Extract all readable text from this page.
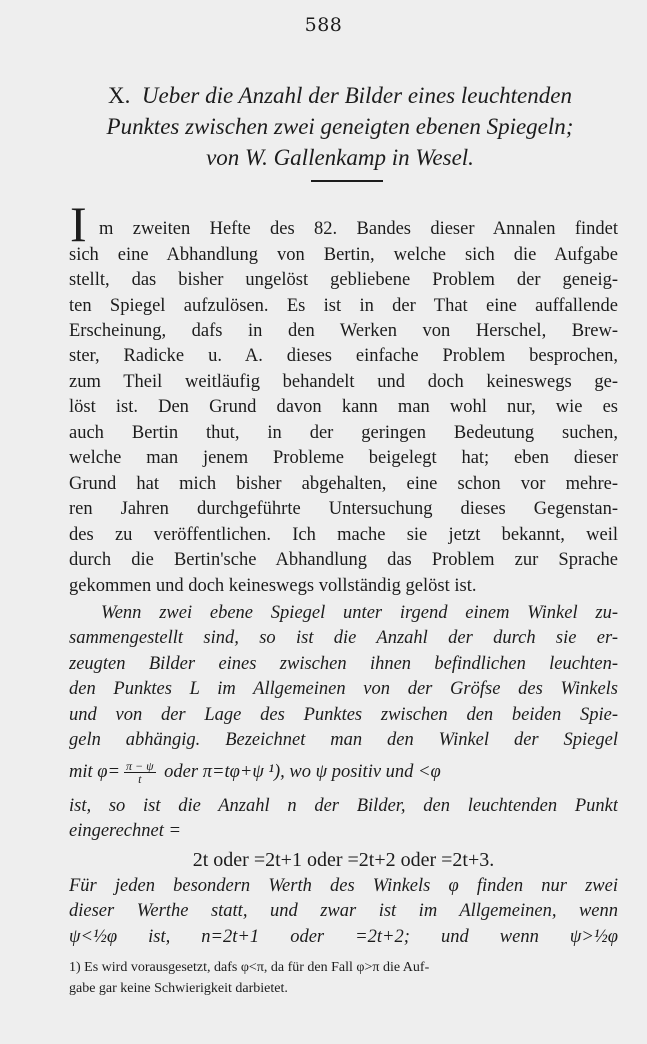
588
X. Ueber die Anzahl der Bilder eines leuchtenden
Punktes zwischen zwei geneigten ebenen Spiegeln;
von W. Gallenkamp in Wesel.
I m zweiten Hefte des 82. Bandes dieser Annalen findet
sich eine Abhandlung von Bertin, welche sich die Aufgabe
stellt, das bisher ungelöst gebliebene Problem der geneig-
ten Spiegel aufzulösen. Es ist in der That eine auffallende
Erscheinung, dafs in den Werken von Herschel, Brew-
ster, Radicke u. A. dieses einfache Problem besprochen,
zum Theil weitläufig behandelt und doch keineswegs ge-
löst ist. Den Grund davon kann man wohl nur, wie es
auch Bertin thut, in der geringen Bedeutung suchen,
welche man jenem Probleme beigelegt hat; eben dieser
Grund hat mich bisher abgehalten, eine schon vor mehre-
ren Jahren durchgeführte Untersuchung dieses Gegenstan-
des zu veröffentlichen. Ich mache sie jetzt bekannt, weil
durch die Bertin'sche Abhandlung das Problem zur Sprache
gekommen und doch keineswegs vollständig gelöst ist.
Wenn zwei ebene Spiegel unter irgend einem Winkel zu-
sammengestellt sind, so ist die Anzahl der durch sie er-
zeugten Bilder eines zwischen ihnen befindlichen leuchten-
den Punktes L im Allgemeinen von der Gröfse des Winkels
und von der Lage des Punktes zwischen den beiden Spie-
geln abhängig. Bezeichnet man den Winkel der Spiegel
mit $\varphi= \frac{\pi - \psi}{t}$ oder π=tφ+ψ ¹), wo ψ positiv und <φ
ist, so ist die Anzahl n der Bilder, den leuchtenden Punkt
eingerechnet =
2t oder =2t+1 oder =2t+2 oder =2t+3.
Für jeden besondern Werth des Winkels φ finden nur zwei
dieser Werthe statt, und zwar ist im Allgemeinen, wenn
ψ<½φ ist, n=2t+1 oder =2t+2; und wenn ψ>½φ
1) Es wird vorausgesetzt, dafs φ<π, da für den Fall φ>π die Auf-
gabe gar keine Schwierigkeit darbietet.
